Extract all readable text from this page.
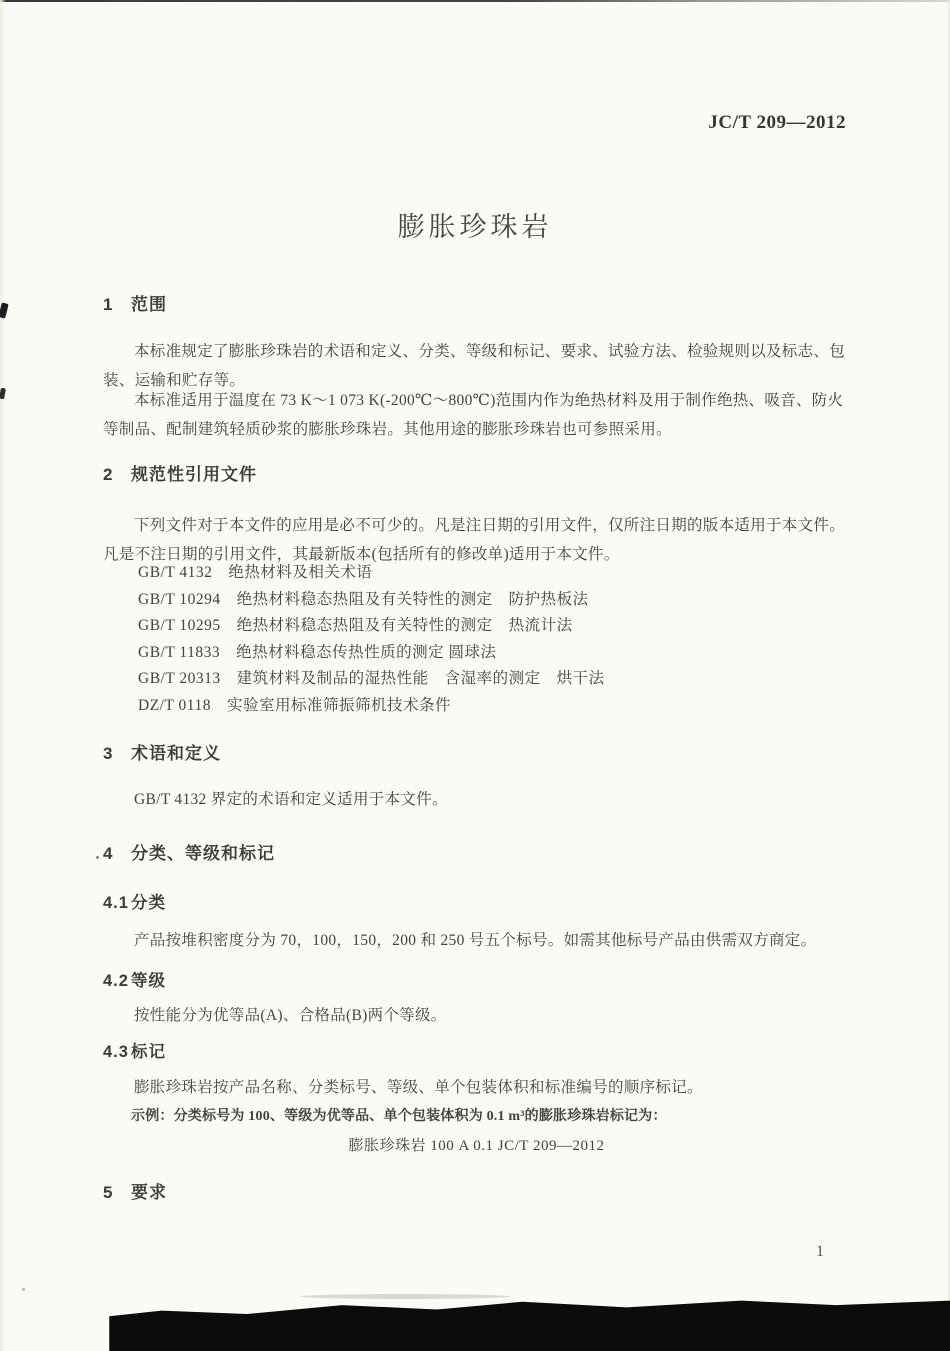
JC/T 209—2012
膨胀珍珠岩
1 范围

本标准规定了膨胀珍珠岩的术语和定义、分类、等级和标记、要求、试验方法、检验规则以及标志、包装、运输和贮存等。

本标准适用于温度在 73 K～1 073 K(-200℃～800℃)范围内作为绝热材料及用于制作绝热、吸音、防火等制品、配制建筑轻质砂浆的膨胀珍珠岩。其他用途的膨胀珍珠岩也可参照采用。

2 规范性引用文件

下列文件对于本文件的应用是必不可少的。凡是注日期的引用文件，仅所注日期的版本适用于本文件。凡是不注日期的引用文件，其最新版本(包括所有的修改单)适用于本文件。

GB/T 4132　绝热材料及相关术语
GB/T 10294　绝热材料稳态热阻及有关特性的测定　防护热板法
GB/T 10295　绝热材料稳态热阻及有关特性的测定　热流计法
GB/T 11833　绝热材料稳态传热性质的测定 圆球法
GB/T 20313　建筑材料及制品的湿热性能　含湿率的测定　烘干法
DZ/T 0118　实验室用标准筛振筛机技术条件
3 术语和定义

GB/T 4132 界定的术语和定义适用于本文件。

4 分类、等级和标记
4.1 分类

产品按堆积密度分为 70，100，150，200 和 250 号五个标号。如需其他标号产品由供需双方商定。

4.2 等级

按性能分为优等品(A)、合格品(B)两个等级。

4.3 标记

膨胀珍珠岩按产品名称、分类标号、等级、单个包装体积和标准编号的顺序标记。

示例：分类标号为 100、等级为优等品、单个包装体积为 0.1 m³的膨胀珍珠岩标记为：

膨胀珍珠岩 100 A 0.1 JC/T 209—2012
5 要求
1
